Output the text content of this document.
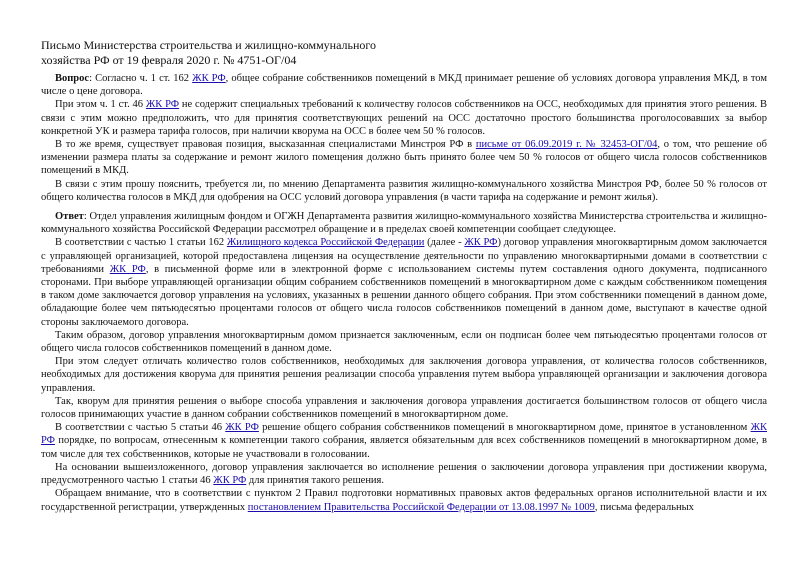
Письмо Министерства строительства и жилищно-коммунального
хозяйства РФ от 19 февраля 2020 г. № 4751-ОГ/04

Вопрос: Согласно ч. 1 ст. 162 ЖК РФ, общее собрание собственников помещений в МКД принимает решение об условиях договора управления МКД, в том числе о цене договора.

При этом ч. 1 ст. 46 ЖК РФ не содержит специальных требований к количеству голосов собственников на ОСС, необходимых для принятия этого решения. В связи с этим можно предположить, что для принятия соответствующих решений на ОСС достаточно простого большинства проголосовавших за выбор конкретной УК и размера тарифа голосов, при наличии кворума на ОСС в более чем 50 % голосов.

В то же время, существует правовая позиция, высказанная специалистами Минстроя РФ в письме от 06.09.2019 г. № 32453-ОГ/04, о том, что решение об изменении размера платы за содержание и ремонт жилого помещения должно быть принято более чем 50 % голосов от общего числа голосов собственников помещений в МКД.

В связи с этим прошу пояснить, требуется ли, по мнению Департамента развития жилищно-коммунального хозяйства Минстроя РФ, более 50 % голосов от общего количества голосов в МКД для одобрения на ОСС условий договора управления (в части тарифа на содержание и ремонт жилья).

Ответ: Отдел управления жилищным фондом и ОГЖН Департамента развития жилищно-коммунального хозяйства Министерства строительства и жилищно-коммунального хозяйства Российской Федерации рассмотрел обращение и в пределах своей компетенции сообщает следующее.

В соответствии с частью 1 статьи 162 Жилищного кодекса Российской Федерации (далее - ЖК РФ) договор управления многоквартирным домом заключается с управляющей организацией, которой предоставлена лицензия на осуществление деятельности по управлению многоквартирными домами в соответствии с требованиями ЖК РФ, в письменной форме или в электронной форме с использованием системы путем составления одного документа, подписанного сторонами. При выборе управляющей организации общим собранием собственников помещений в многоквартирном доме с каждым собственником помещения в таком доме заключается договор управления на условиях, указанных в решении данного общего собрания. При этом собственники помещений в данном доме, обладающие более чем пятьюдесятью процентами голосов от общего числа голосов собственников помещений в данном доме, выступают в качестве одной стороны заключаемого договора.

Таким образом, договор управления многоквартирным домом признается заключенным, если он подписан более чем пятьюдесятью процентами голосов от общего числа голосов собственников помещений в данном доме.

При этом следует отличать количество голов собственников, необходимых для заключения договора управления, от количества голосов собственников, необходимых для достижения кворума для принятия решения реализации способа управления путем выбора управляющей организации и заключения договора управления.

Так, кворум для принятия решения о выборе способа управления и заключения договора управления достигается большинством голосов от общего числа голосов принимающих участие в данном собрании собственников помещений в многоквартирном доме.

В соответствии с частью 5 статьи 46 ЖК РФ решение общего собрания собственников помещений в многоквартирном доме, принятое в установленном ЖК РФ порядке, по вопросам, отнесенным к компетенции такого собрания, является обязательным для всех собственников помещений в многоквартирном доме, в том числе для тех собственников, которые не участвовали в голосовании.

На основании вышеизложенного, договор управления заключается во исполнение решения о заключении договора управления при достижении кворума, предусмотренного частью 1 статьи 46 ЖК РФ для принятия такого решения.

Обращаем внимание, что в соответствии с пунктом 2 Правил подготовки нормативных правовых актов федеральных органов исполнительной власти и их государственной регистрации, утвержденных постановлением Правительства Российской Федерации от 13.08.1997 № 1009, письма федеральных
